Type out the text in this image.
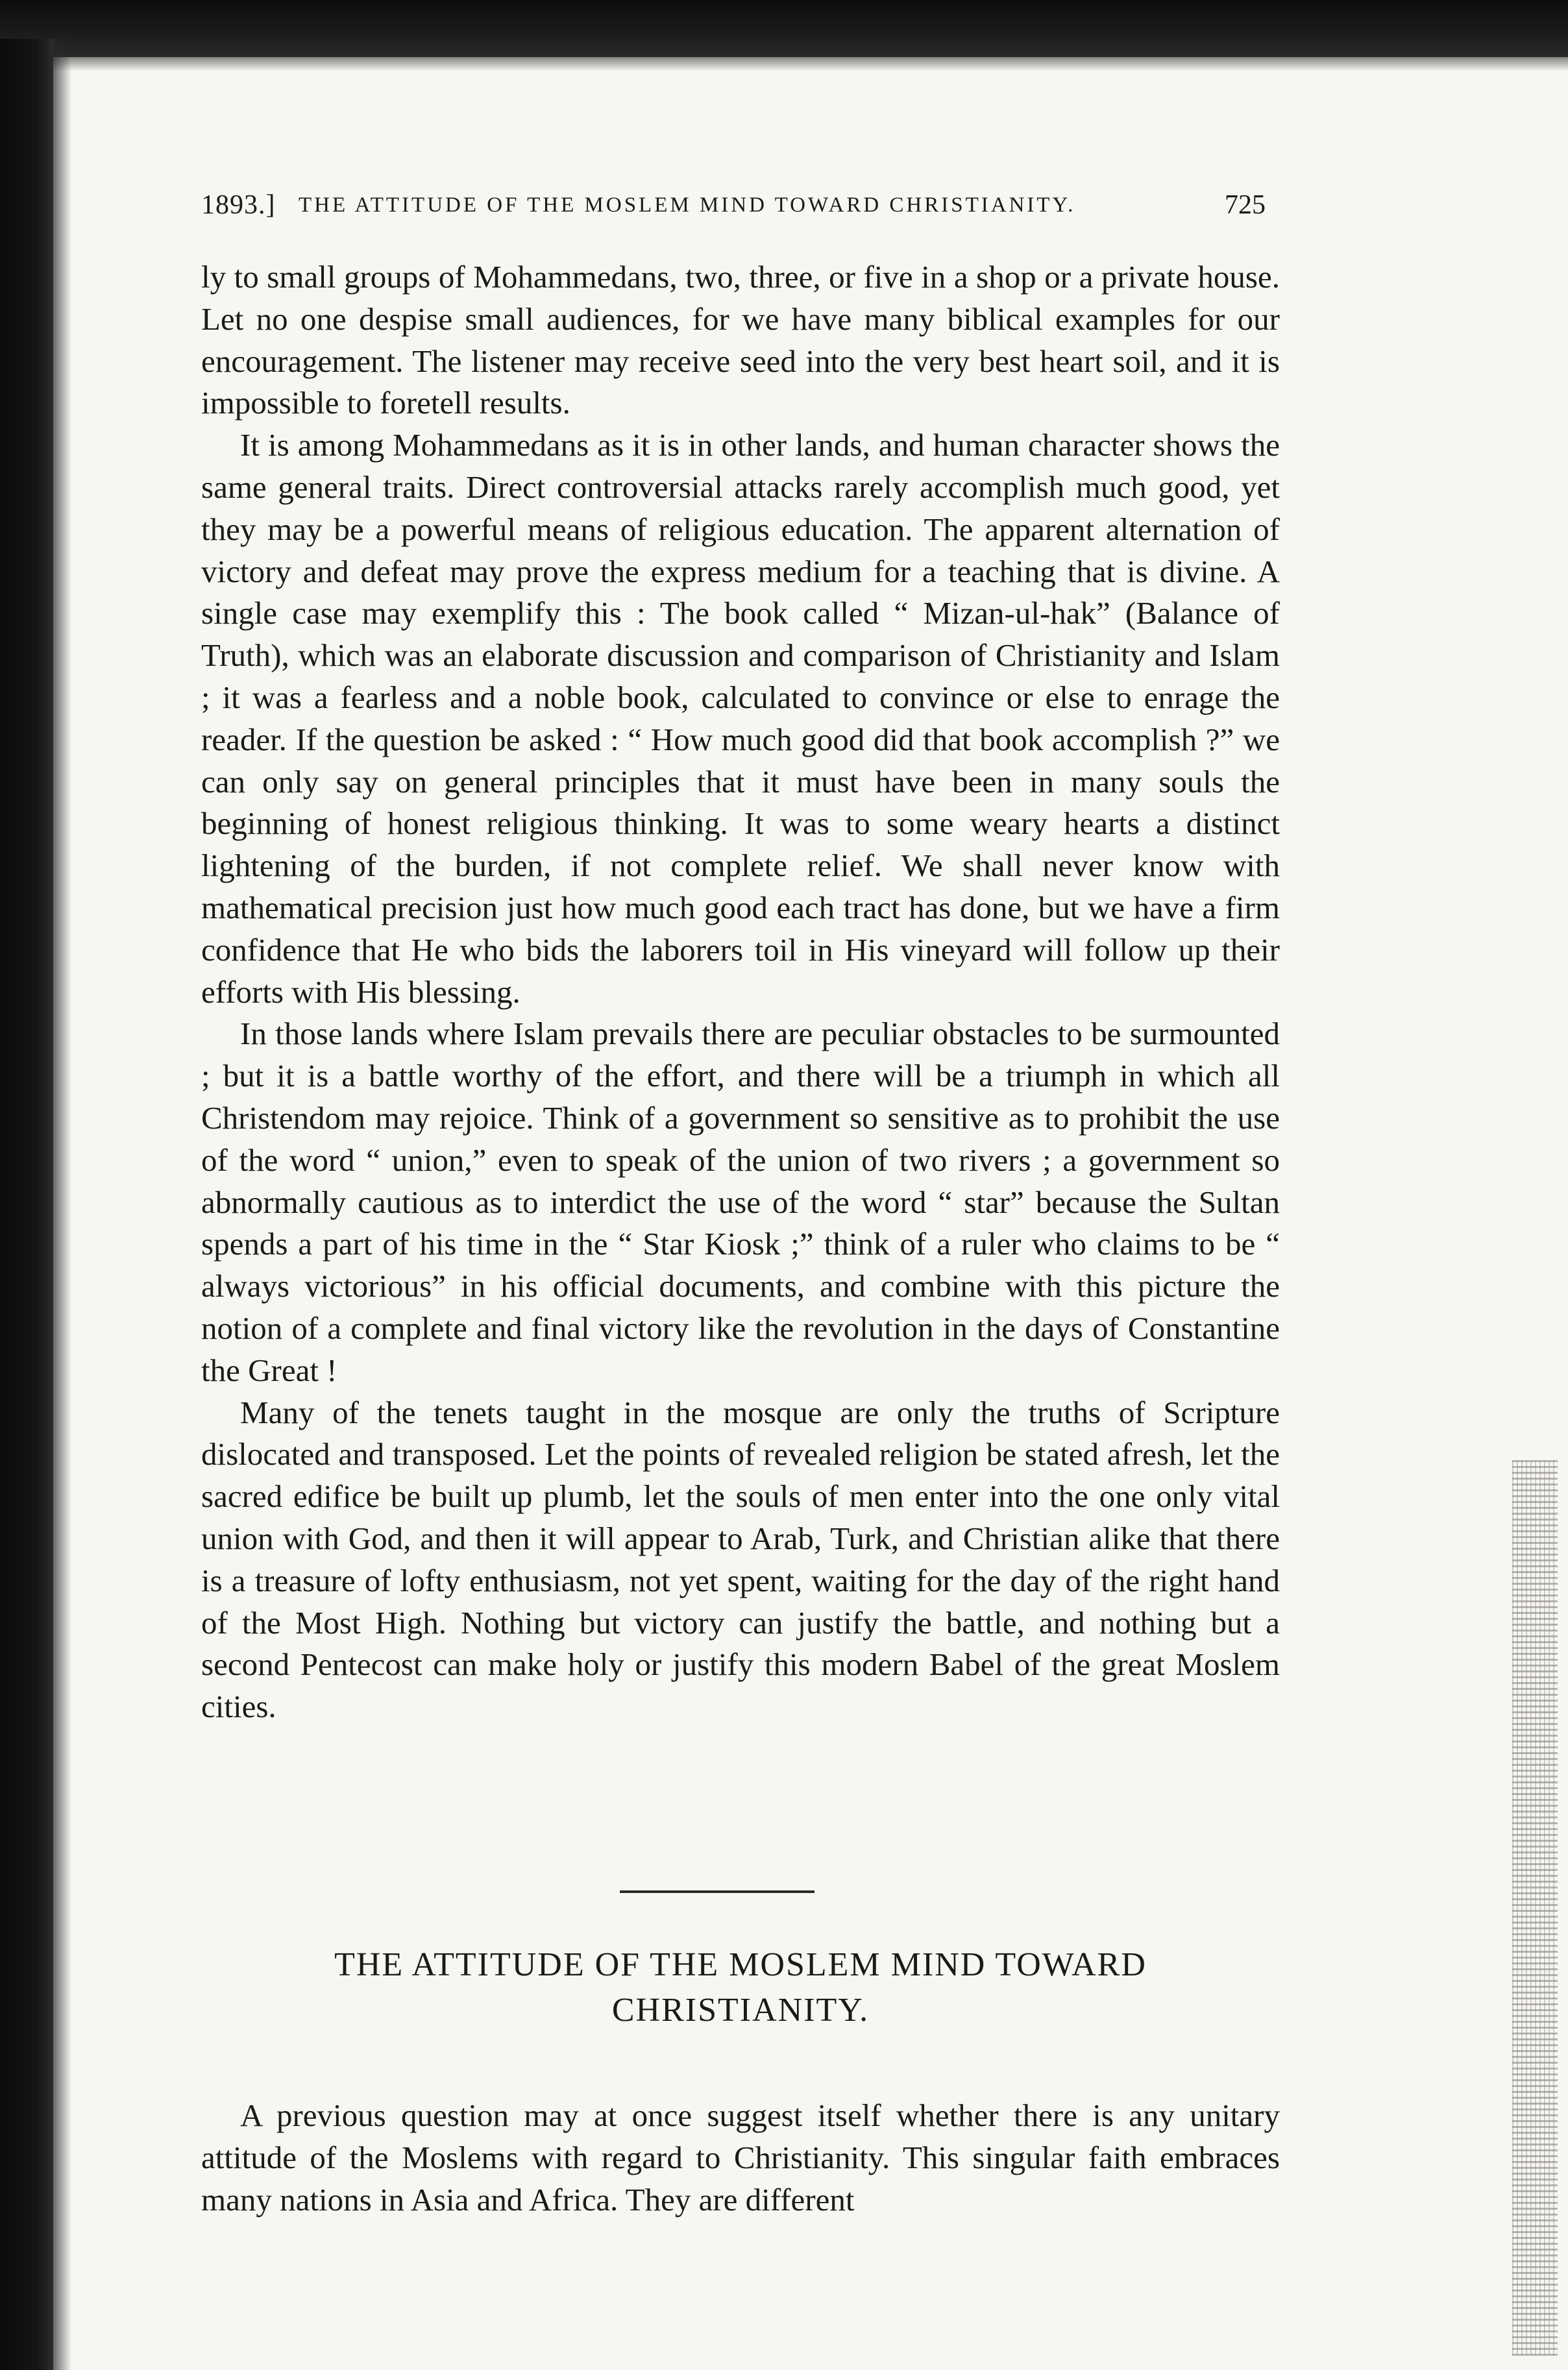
1893.] THE ATTITUDE OF THE MOSLEM MIND TOWARD CHRISTIANITY.	725

ly to small groups of Mohammedans, two, three, or five in a shop or a private house. Let no one despise small audiences, for we have many biblical examples for our encouragement. The listener may receive seed into the very best heart soil, and it is impossible to foretell results.

It is among Mohammedans as it is in other lands, and human character shows the same general traits. Direct controversial attacks rarely accomplish much good, yet they may be a powerful means of religious education. The apparent alternation of victory and defeat may prove the express medium for a teaching that is divine. A single case may exemplify this : The book called “ Mizan-ul-hak” (Balance of Truth), which was an elaborate discussion and comparison of Christianity and Islam ; it was a fearless and a noble book, calculated to convince or else to enrage the reader. If the question be asked : “ How much good did that book accomplish ?” we can only say on general principles that it must have been in many souls the beginning of honest religious thinking. It was to some weary hearts a distinct lightening of the burden, if not complete relief. We shall never know with mathematical precision just how much good each tract has done, but we have a firm confidence that He who bids the laborers toil in His vineyard will follow up their efforts with His blessing.

In those lands where Islam prevails there are peculiar obstacles to be surmounted ; but it is a battle worthy of the effort, and there will be a triumph in which all Christendom may rejoice. Think of a government so sensitive as to prohibit the use of the word “ union,” even to speak of the union of two rivers ; a government so abnormally cautious as to interdict the use of the word “ star” because the Sultan spends a part of his time in the “ Star Kiosk ;” think of a ruler who claims to be “ always victorious” in his official documents, and combine with this picture the notion of a complete and final victory like the revolution in the days of Constantine the Great !

Many of the tenets taught in the mosque are only the truths of Scripture dislocated and transposed. Let the points of revealed religion be stated afresh, let the sacred edifice be built up plumb, let the souls of men enter into the one only vital union with God, and then it will appear to Arab, Turk, and Christian alike that there is a treasure of lofty enthusiasm, not yet spent, waiting for the day of the right hand of the Most High. Nothing but victory can justify the battle, and nothing but a second Pentecost can make holy or justify this modern Babel of the great Moslem cities.

THE ATTITUDE OF THE MOSLEM MIND TOWARD CHRISTIANITY.

A previous question may at once suggest itself whether there is any unitary attitude of the Moslems with regard to Christianity. This singular faith embraces many nations in Asia and Africa. They are different
